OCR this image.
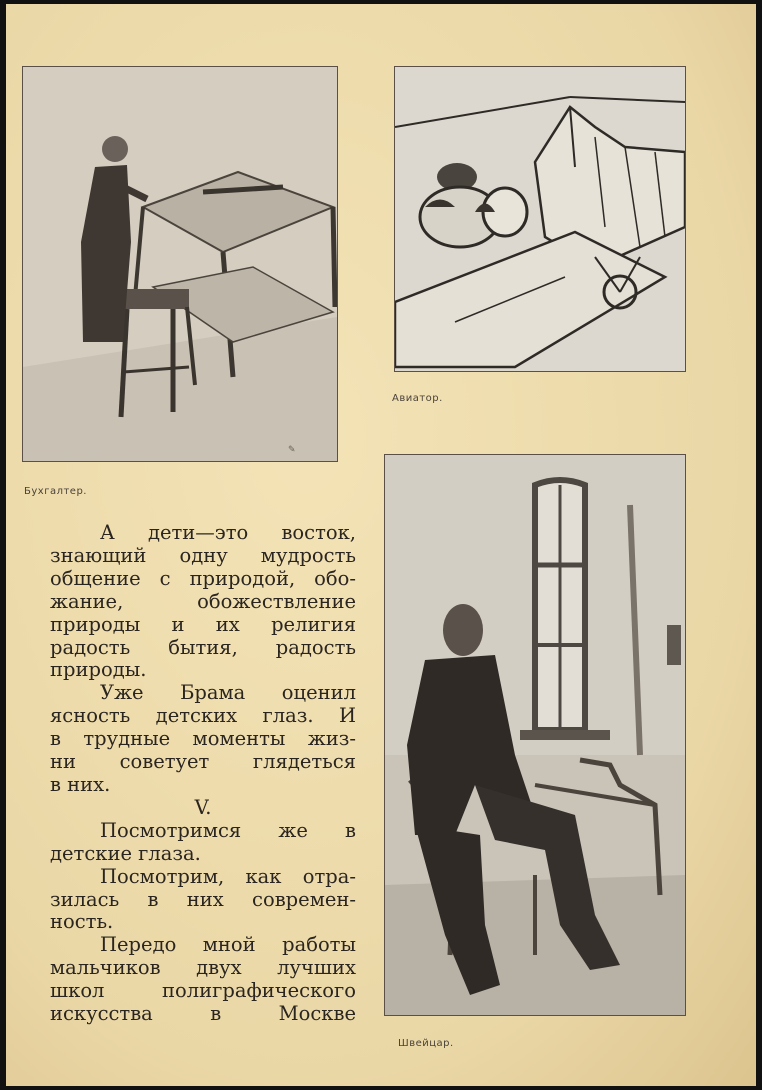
✎
Бухгалтер.
Авиатор.
Швейцар.

А дети—это восток,
знающий одну мудрость
общение с природой, обо-
жание, обожествление
природы и их религия
радость бытия, радость
природы.

Уже Брама оценил
ясность детских глаз. И
в трудные моменты жиз-
ни советует глядеться
в них.

V.

Посмотримся же в
детские глаза.

Посмотрим, как отра-
зилась в них современ-
ность.

Передо мной работы
мальчиков двух лучших
школ полиграфического
искусства в Москве
